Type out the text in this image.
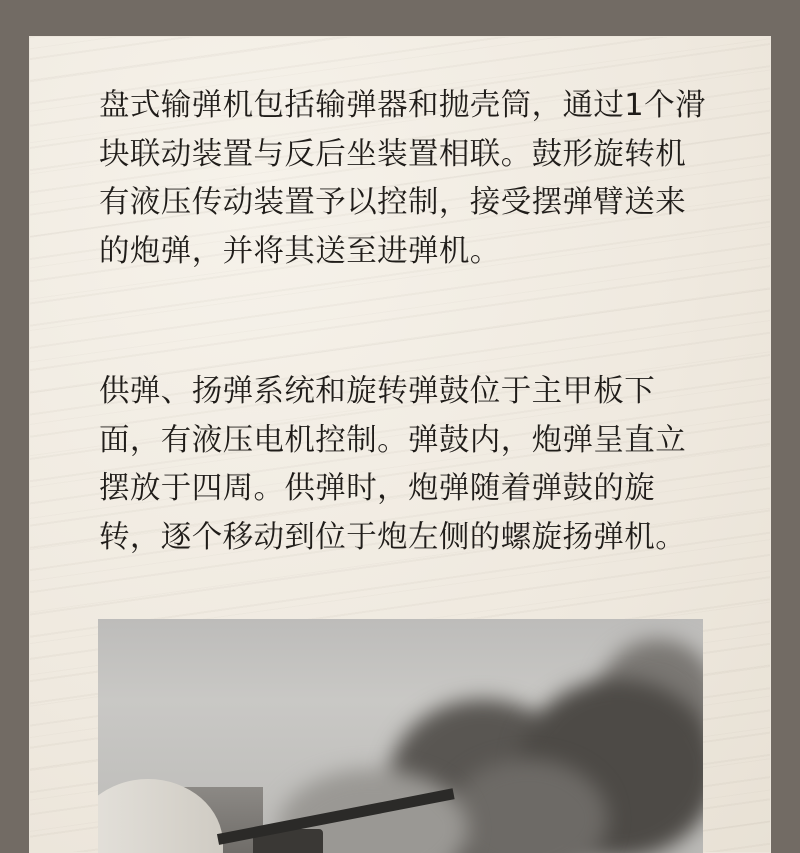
盘式输弹机包括输弹器和抛壳筒，通过1个滑块联动装置与反后坐装置相联。鼓形旋转机有液压传动装置予以控制，接受摆弹臂送来的炮弹，并将其送至进弹机。

供弹、扬弹系统和旋转弹鼓位于主甲板下面，有液压电机控制。弹鼓内，炮弹呈直立摆放于四周。供弹时，炮弹随着弹鼓的旋转，逐个移动到位于炮左侧的螺旋扬弹机。
